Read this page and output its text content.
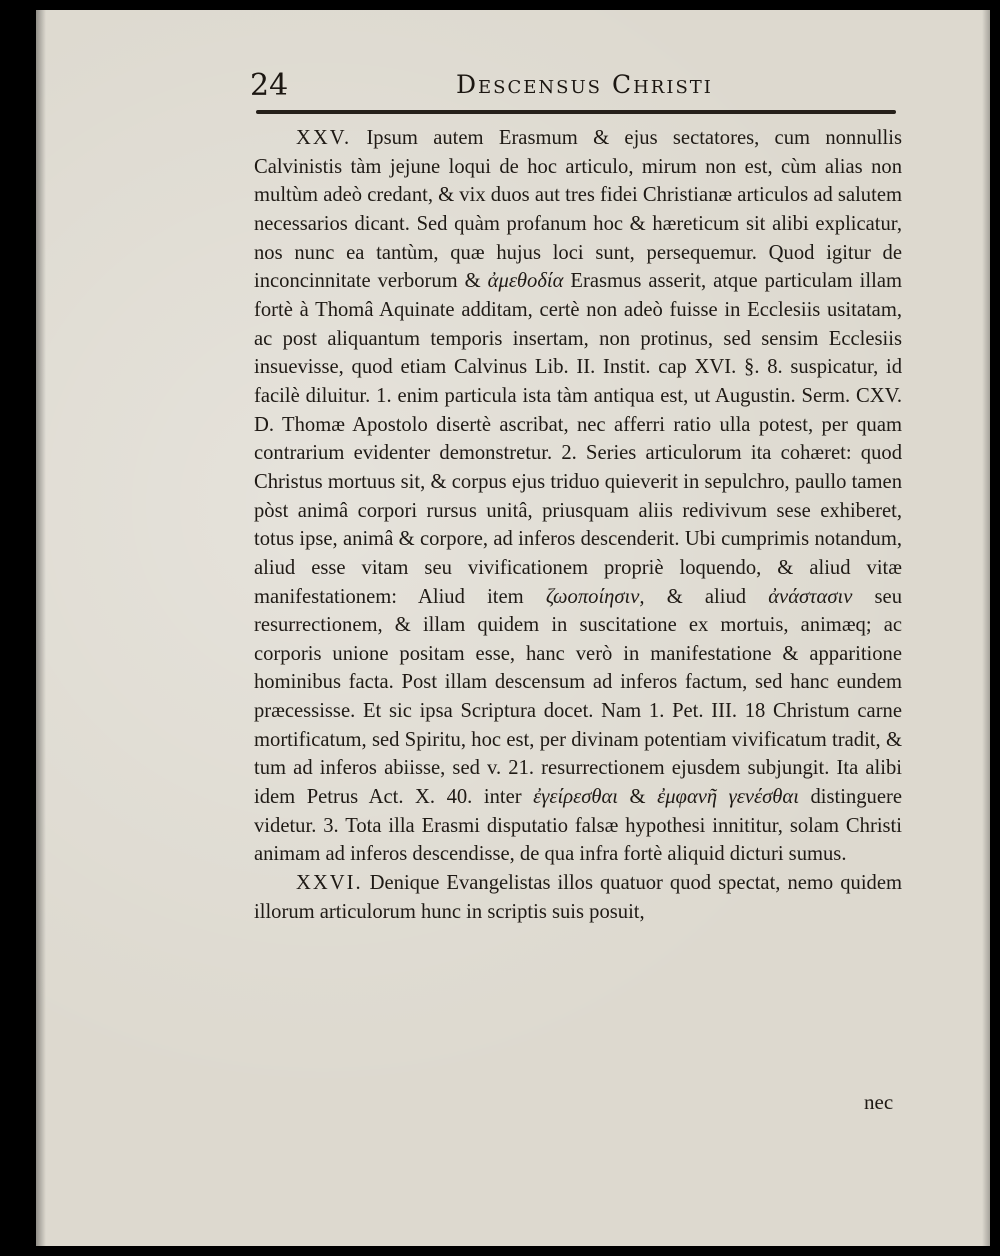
24	Descensus Christi

XXV. Ipsum autem Erasmum & ejus sectatores, cum nonnullis Calvinistis tàm jejune loqui de hoc articulo, mirum non est, cùm alias non multùm adeò credant, & vix duos aut tres fidei Christianæ articulos ad salutem necessarios dicant. Sed quàm profanum hoc & hæreticum sit alibi explicatur, nos nunc ea tantùm, quæ hujus loci sunt, persequemur. Quod igitur de inconcinnitate verborum & ἀμεθοδία Erasmus asserit, atque particulam illam fortè à Thomâ Aquinate additam, certè non adeò fuisse in Ecclesiis usitatam, ac post aliquantum temporis insertam, non protinus, sed sensim Ecclesiis insuevisse, quod etiam Calvinus Lib. II. Instit. cap XVI. §. 8. suspicatur, id facilè diluitur. 1. enim particula ista tàm antiqua est, ut Augustin. Serm. CXV. D. Thomæ Apostolo disertè ascribat, nec afferri ratio ulla potest, per quam contrarium evidenter demonstretur. 2. Series articulorum ita cohæret: quod Christus mortuus sit, & corpus ejus triduo quieverit in sepulchro, paullo tamen pòst animâ corpori rursus unitâ, priusquam aliis redivivum sese exhiberet, totus ipse, animâ & corpore, ad inferos descenderit. Ubi cumprimis notandum, aliud esse vitam seu vivificationem propriè loquendo, & aliud vitæ manifestationem: Aliud item ζωοποίησιν, & aliud ἀνάστασιν seu resurrectionem, & illam quidem in suscitatione ex mortuis, animæq; ac corporis unione positam esse, hanc verò in manifestatione & apparitione hominibus facta. Post illam descensum ad inferos factum, sed hanc eundem præcessisse. Et sic ipsa Scriptura docet. Nam 1. Pet. III. 18 Christum carne mortificatum, sed Spiritu, hoc est, per divinam potentiam vivificatum tradit, & tum ad inferos abiisse, sed v. 21. resurrectionem ejusdem subjungit. Ita alibi idem Petrus Act. X. 40. inter ἐγείρεσθαι & ἐμφανῆ γενέσθαι distinguere videtur. 3. Tota illa Erasmi disputatio falsæ hypothesi innititur, solam Christi animam ad inferos descendisse, de qua infra fortè aliquid dicturi sumus.

XXVI. Denique Evangelistas illos quatuor quod spectat, nemo quidem illorum articulorum hunc in scriptis suis posuit,

nec
